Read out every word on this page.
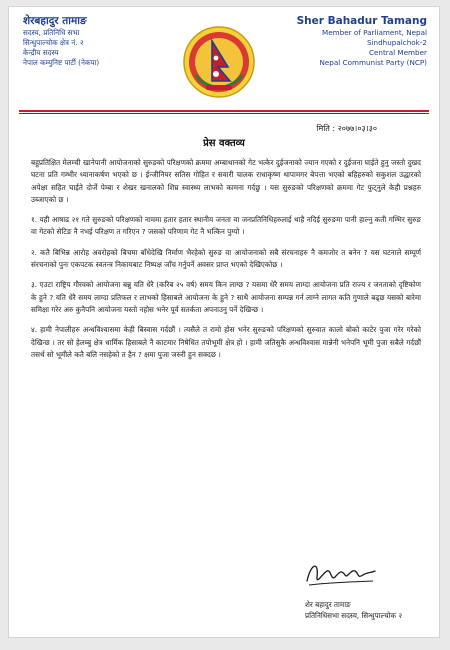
शेरबहादुर तामाङ
सदस्य, प्रतिनिधि सभा
सिन्धुपाल्चोक क्षेत्र नं. २
केन्द्रीय सदस्य
नेपाल कम्युनिष्ट पार्टी (नेकपा)
Sher Bahadur Tamang
Member of Parliament, Nepal
Sindhupalchok-2
Central Member
Nepal Communist Party (NCP)
मिति : २०७७।०३।३०
प्रेस वक्तव्य

बहुप्रतिक्षित मेलम्ची खानेपानी आयोजनाको सुरुङको परिक्षणको क्रममा अम्बाथानको गेट भत्केर दुईजनाको ज्यान गएको र दुईजना घाईते हुनु जस्तो दुखद घटना प्रति गम्भीर ध्यानाकर्षण भएको छ । ईन्जीनियर सतिस गोहित र सवारी चालक राधाकृष्ण थापामगर बेपत्ता भएको बहिहरुको सकुशल उद्धारको अपेक्षा सहित घाईते दोर्जे पेम्बा र शेखर खनालको शिघ्र स्वास्थ्य लाभको कामना गर्दछु । यस सुरुङको परिक्षणको क्रममा गेट फुट्नुले केही प्रश्नहरु उब्जाएको छ ।

१. यही आषाढ २१ गते सुरुङको परिक्षणको नाममा हतार हतार स्थानीय जनता वा जनप्रतिनिधिहरुलाई थाहै नदिई सुरुङमा पानी हाल्नु कती गम्भिर सुरुङ वा गेटको सेटिङ नै नभई परिक्षण त गरिएन ? जसको परिणाम गेट नै भत्किन पुग्यो ।

२. कतै बिभिन्न आरोह अवरोहको बिचमा बाँधेदेखि निर्माण भैरहेको सुरुङ वा आयोजनाको सबै संरचनाहरु नै कमजोर त बनेन ? यस घटनाले सम्पूर्ण संरचनाको पुनः एकपटक स्वतन्त्र निकायबाट निष्पक्ष जाँच गर्नुपर्ने अवसर प्राप्त भएको देखिएकोछ ।

३. एउटा राष्ट्रिय गौरवको आयोजना बन्नु यति धेरै (करिब २५ वर्ष) समय किन लाग्छ ? यसमा धेरै समय लाग्दा आयोजना प्रति राज्य र जनताको दृष्टिकोण के हुने ? यति धेरै समय लाग्दा प्रतिफल र लाभको हिसाबले आयोजना के हुने ? साथै आयोजना सम्पन्न गर्न लाग्ने लागत कति गुणाले बढ्छ यसको बारेमा समिक्षा गरेर अरु कुनैपनि आयोजना यस्तो नहोस भनेर पूर्व सतर्कता अपनाउनु पर्ने देखिन्छ ।

४. हामी नेपालीहरु अन्धविश्वासमा केही बिस्वास गर्दछौं । त्यसैले त रामो होस भनेर सुरुङको परिक्षणको सुरुवात कालो बोको काटेर पुजा गरेर गरेको देखिन्छ । तर सो हेलम्बु क्षेत्र धार्मिक हिसाबले नै काटमार निषेधित तपोभूमी क्षेत्र हो । हामी जतिसुकै अन्धविश्वास मान्नेनी भनेपनि भूमी पुजा सबैले गर्दछौं तसर्थ सो भूमीले कतै बलि नसहेको त हैन ? क्षमा पुजा जरुरी हुन सक्दछ ।

शेर बहादुर तामाङ
प्रतिनिधिसभा सदस्य, सिन्धुपाल्चोक २
